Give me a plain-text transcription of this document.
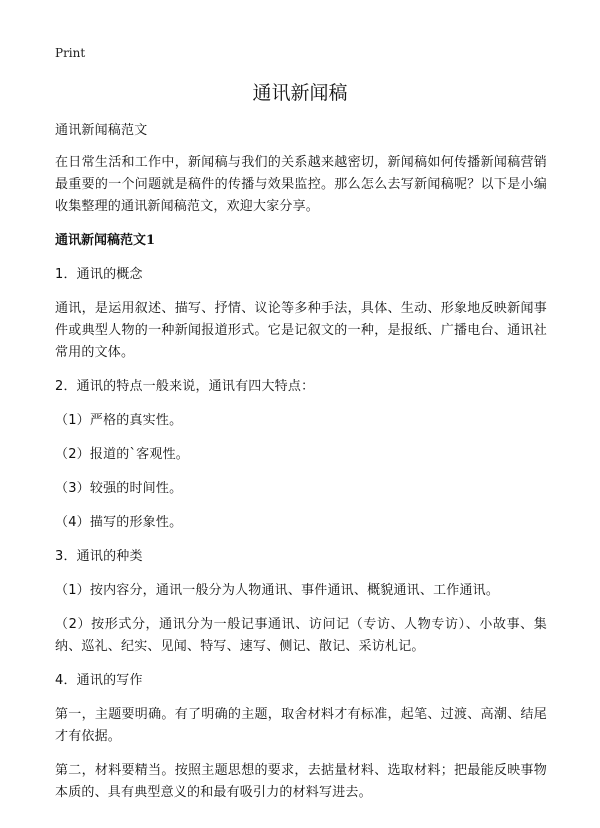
Print
通讯新闻稿

通讯新闻稿范文

在日常生活和工作中，新闻稿与我们的关系越来越密切，新闻稿如何传播新闻稿营销最重要的一个问题就是稿件的传播与效果监控。那么怎么去写新闻稿呢？以下是小编收集整理的通讯新闻稿范文，欢迎大家分享。

通讯新闻稿范文1

1．通讯的概念

通讯，是运用叙述、描写、抒情、议论等多种手法，具体、生动、形象地反映新闻事件或典型人物的一种新闻报道形式。它是记叙文的一种，是报纸、广播电台、通讯社常用的文体。

2．通讯的特点一般来说，通讯有四大特点：

（1）严格的真实性。

（2）报道的`客观性。

（3）较强的时间性。

（4）描写的形象性。

3．通讯的种类

（1）按内容分，通讯一般分为人物通讯、事件通讯、概貌通讯、工作通讯。

（2）按形式分，通讯分为一般记事通讯、访问记（专访、人物专访）、小故事、集纳、巡礼、纪实、见闻、特写、速写、侧记、散记、采访札记。

4．通讯的写作

第一，主题要明确。有了明确的主题，取舍材料才有标准，起笔、过渡、高潮、结尾才有依据。

第二，材料要精当。按照主题思想的要求，去掂量材料、选取材料；把最能反映事物本质的、具有典型意义的和最有吸引力的材料写进去。
